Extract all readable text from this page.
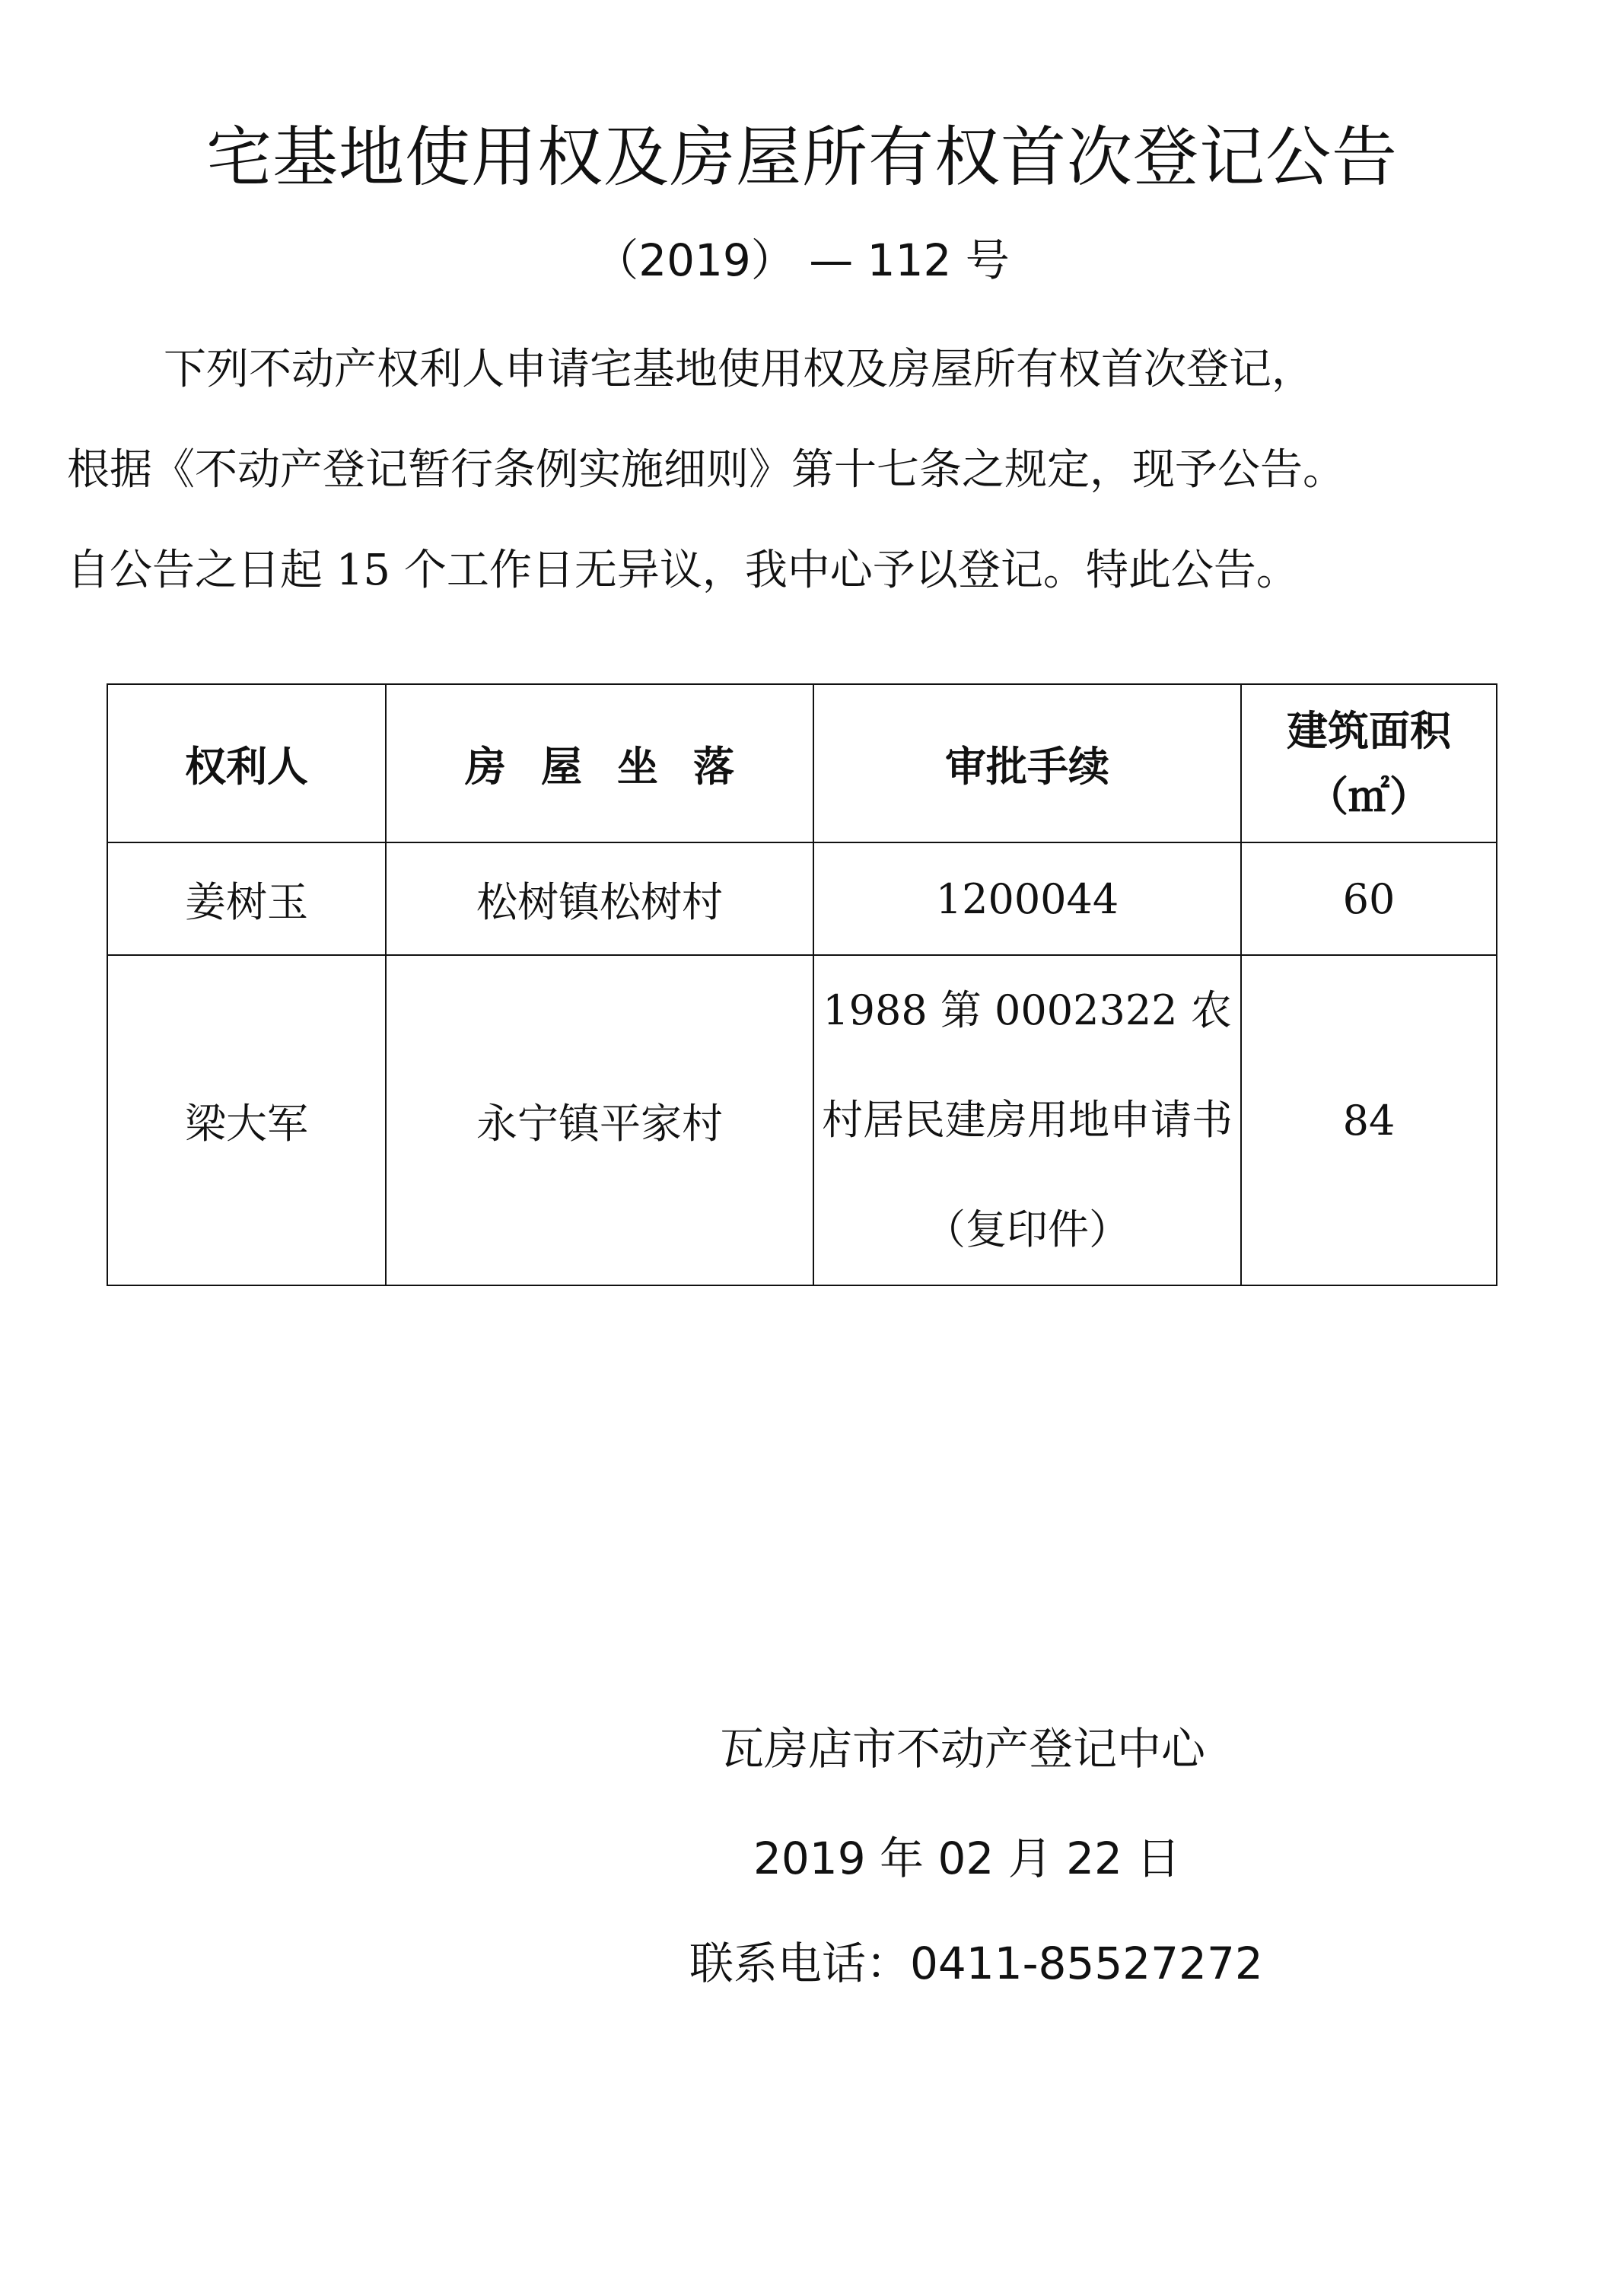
宅基地使用权及房屋所有权首次登记公告
（2019） — 112 号
下列不动产权利人申请宅基地使用权及房屋所有权首次登记，
根据《不动产登记暂行条例实施细则》第十七条之规定，现予公告。
自公告之日起 15 个工作日无异议，我中心予以登记。特此公告。
权利人	房屋坐落	审批手续	建筑面积
（㎡）

姜树玉	松树镇松树村	1200044	60
梁大军	永宁镇平家村	1988 第 0002322 农村居民建房用地申请书（复印件）	84
瓦房店市不动产登记中心
2019 年 02 月 22 日
联系电话：0411-85527272
